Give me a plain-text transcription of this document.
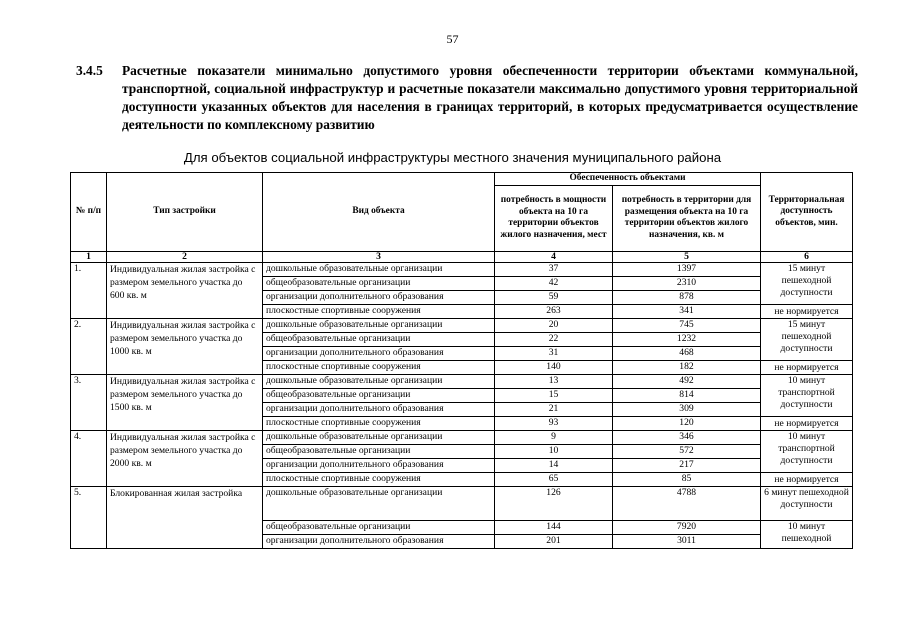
57
3.4.5 Расчетные показатели минимально допустимого уровня обеспеченности территории объектами коммунальной, транспортной, социальной инфраструктур и расчетные показатели максимально допустимого уровня территориальной доступности указанных объектов для населения в границах территорий, в которых предусматривается осуществление деятельности по комплексному развитию
Для объектов социальной инфраструктуры местного значения муниципального района
№ п/п	Тип застройки	Вид объекта	Обеспеченность объектами		Территориальная доступность объектов, мин.
			потребность в мощности объекта на 10 га территории объектов жилого назначения, мест	потребность в территории для размещения объекта на 10 га территории объектов жилого назначения, кв. м	
1	2	3	4	5	6
1.	Индивидуальная жилая застройка с размером земельного участка до 600 кв. м	дошкольные образовательные организации	37	1397	15 минут пешеходной доступности
		общеобразовательные организации	42	2310	
		организации дополнительного образования	59	878	
		плоскостные спортивные сооружения	263	341	не нормируется
2.	Индивидуальная жилая застройка с размером земельного участка до 1000 кв. м	дошкольные образовательные организации	20	745	15 минут пешеходной доступности
		общеобразовательные организации	22	1232	
		организации дополнительного образования	31	468	
		плоскостные спортивные сооружения	140	182	не нормируется
3.	Индивидуальная жилая застройка с размером земельного участка до 1500 кв. м	дошкольные образовательные организации	13	492	10 минут транспортной доступности
		общеобразовательные организации	15	814	
		организации дополнительного образования	21	309	
		плоскостные спортивные сооружения	93	120	не нормируется
4.	Индивидуальная жилая застройка с размером земельного участка до 2000 кв. м	дошкольные образовательные организации	9	346	10 минут транспортной доступности
		общеобразовательные организации	10	572	
		организации дополнительного образования	14	217	
		плоскостные спортивные сооружения	65	85	не нормируется
5.	Блокированная жилая застройка	дошкольные образовательные организации	126	4788	6 минут пешеходной доступности
		общеобразовательные организации	144	7920	10 минут пешеходной
		организации дополнительного образования	201	3011	
